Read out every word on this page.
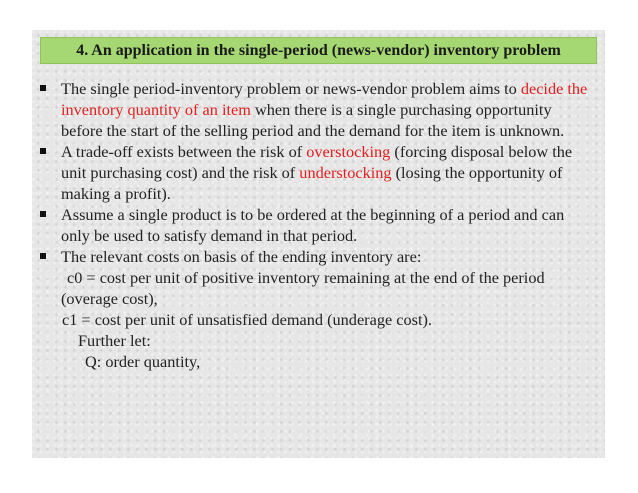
4. An application in the single-period (news-vendor) inventory problem
The single period-inventory problem or news-vendor problem aims to decide the inventory quantity of an item when there is a single purchasing opportunity before the start of the selling period and the demand for the item is unknown.
A trade-off exists between the risk of overstocking (forcing disposal below the unit purchasing cost) and the risk of understocking (losing the opportunity of making a profit).
Assume a single product is to be ordered at the beginning of a period and can only be used to satisfy demand in that period.
The relevant costs on basis of the ending inventory are:
c0 = cost per unit of positive inventory remaining at the end of the period
(overage cost),
c1 = cost per unit of unsatisfied demand (underage cost).
Further let:
Q: order quantity,
